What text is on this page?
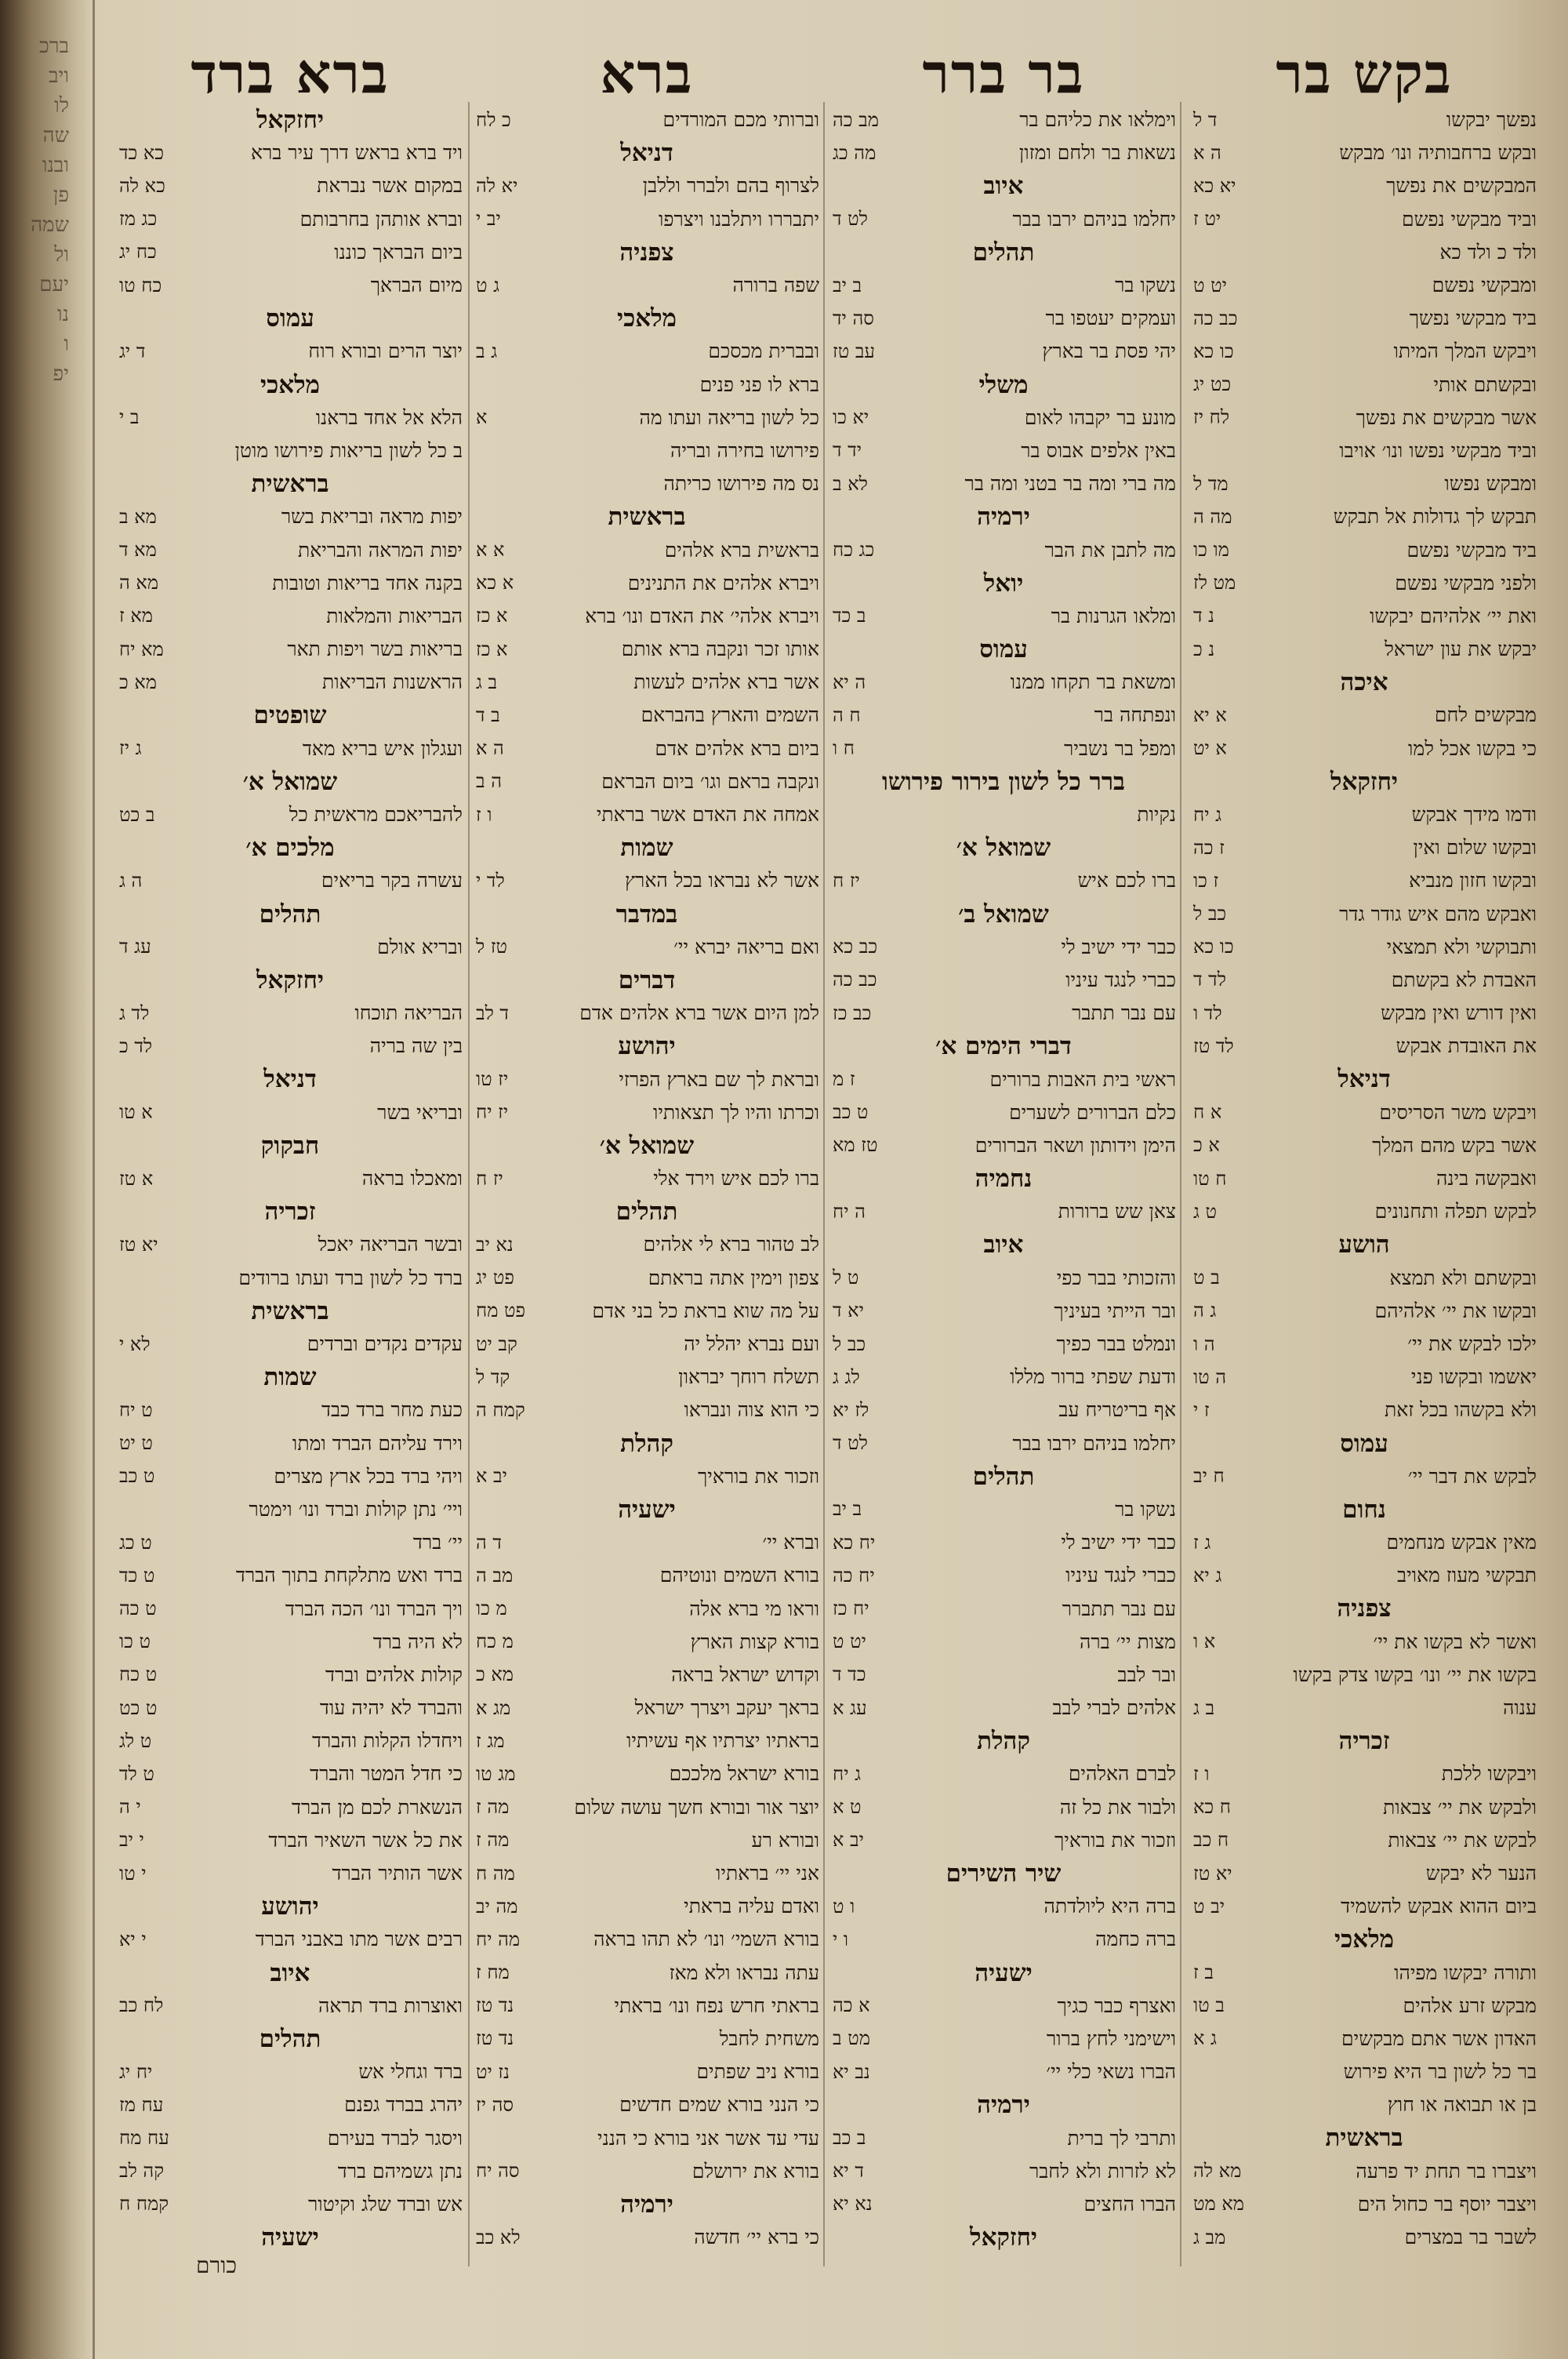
ברכ
ויב
לו
שה
ובנו
פן
שמה
ול
יעם
נו
ו
יפ
בקש בר
נפשך יבקשו
ד ל
ובקש ברחבותיה ונו׳ מבקש
ה א
המבקשים את נפשך
יא כא
וביד מבקשי נפשם
יט ז
ולד כ ולד כא
ומבקשי נפשם
יט ט
ביד מבקשי נפשך
כב כה
ויבקש המלך המיתו
כו כא
ובקשתם אותי
כט יג
אשר מבקשים את נפשך
לח יז
וביד מבקשי נפשו ונו׳ אויבו
ומבקש נפשו
מד ל
תבקש לך גדולות אל תבקש
מה ה
ביד מבקשי נפשם
מו כו
ולפני מבקשי נפשם
מט לז
ואת יי׳ אלהיהם יבקשו
נ ד
יבקש את עון ישראל
נ כ
איכה
מבקשים לחם
א יא
כי בקשו אכל למו
א יט
יחזקאל
ודמו מידך אבקש
ג יח
ובקשו שלום ואין
ז כה
ובקשו חזון מנביא
ז כו
ואבקש מהם איש גודר גדר
כב ל
ותבוקשי ולא תמצאי
כו כא
האבדת לא בקשתם
לד ד
ואין דורש ואין מבקש
לד ו
את האובדת אבקש
לד טז
דניאל
ויבקש משר הסריסים
א ח
אשר בקש מהם המלך
א כ
ואבקשה בינה
ח טו
לבקש תפלה ותחנונים
ט ג
הושע
ובקשתם ולא תמצא
ב ט
ובקשו את יי׳ אלהיהם
ג ה
ילכו לבקש את יי׳
ה ו
יאשמו ובקשו פני
ה טו
ולא בקשהו בכל זאת
ז י
עמוס
לבקש את דבר יי׳
ח יב
נחום
מאין אבקש מנחמים
ג ז
תבקשי מעוז מאויב
ג יא
צפניה
ואשר לא בקשו את יי׳
א ו
בקשו את יי׳ ונו׳ בקשו צדק בקשו
ענוה
ב ג
זכריה
ויבקשו ללכת
ו ז
ולבקש את יי׳ צבאות
ח כא
לבקש את יי׳ צבאות
ח כב
הנער לא יבקש
יא טז
ביום ההוא אבקש להשמיד
יב ט
מלאכי
ותורה יבקשו מפיהו
ב ז
מבקש זרע אלהים
ב טו
האדון אשר אתם מבקשים
ג א
בר כל לשון בר היא פירוש
בן או תבואה או חוץ
בראשית
ויצברו בר תחת יד פרעה
מא לה
ויצבר יוסף בר כחול הים
מא מט
לשבר בר במצרים
מב ג
בר ברר
וימלאו את כליהם בר
מב כה
נשאות בר ולחם ומזון
מה כג
איוב
יחלמו בניהם ירבו בבר
לט ד
תהלים
נשקו בר
ב יב
ועמקים יעטפו בר
סה יד
יהי פסת בר בארץ
עב טז
משלי
מונע בר יקבהו לאום
יא כו
באין אלפים אבוס בר
יד ד
מה ברי ומה בר בטני ומה בר
לא ב
ירמיה
מה לתבן את הבר
כג כח
יואל
ומלאו הגרנות בר
ב כד
עמוס
ומשאת בר תקחו ממנו
ה יא
ונפתחה בר
ח ה
ומפל בר נשביר
ח ו
ברר כל לשון בירור פירושו
נקיות
שמואל א׳
ברו לכם איש
יז ח
שמואל ב׳
כבר ידי ישיב לי
כב כא
כברי לנגד עיניו
כב כה
עם נבר תתבר
כב כז
דברי הימים א׳
ראשי בית האבות ברורים
ז מ
כלם הברורים לשערים
ט כב
הימן וידותון ושאר הברורים
טז מא
נחמיה
צאן שש ברורות
ה יח
איוב
והזכותי בבר כפי
ט ל
ובר הייתי בעיניך
יא ד
ונמלט בבר כפיך
כב ל
ודעת שפתי ברור מללו
לג ג
אף בריטריח עב
לז יא
יחלמו בניהם ירבו בבר
לט ד
תהלים
נשקו בר
ב יב
כבר ידי ישיב לי
יח כא
כברי לנגד עיניו
יח כה
עם נבר תתברר
יח כז
מצות יי׳ ברה
יט ט
ובר לבב
כד ד
אלהים לברי לבב
עג א
קהלת
לברם האלהים
ג יח
ולבור את כל זה
ט א
וזכור את בוראיך
יב א
שיר השירים
ברה היא ליולדתה
ו ט
ברה כחמה
ו י
ישעיה
ואצרף כבר כגיך
א כה
וישימני לחץ ברור
מט ב
הברו נשאי כלי יי׳
נב יא
ירמיה
ותרבי לך ברית
ב כב
לא לזרות ולא לחבר
ד יא
הברו החצים
נא יא
יחזקאל
ברא
וברותי מכם המורדים
כ לח
דניאל
לצרוף בהם ולברר וללבן
יא לה
יתבררו ויתלבנו ויצרפו
יב י
צפניה
שפה ברורה
ג ט
מלאכי
ובברית מכסכם
ג ב
ברא לו פני פנים
כל לשון בריאה ועתו מה
א
פירושו בחירה ובריה
נס מה פירושו כריתה
בראשית
בראשית ברא אלהים
א א
ויברא אלהים את התנינים
א כא
ויברא אלהי׳ את האדם ונו׳ ברא
א כז
אותו זכר ונקבה ברא אותם
א כז
אשר ברא אלהים לעשות
ב ג
השמים והארץ בהבראם
ב ד
ביום ברא אלהים אדם
ה א
ונקבה בראם וגו׳ ביום הבראם
ה ב
אמחה את האדם אשר בראתי
ו ז
שמות
אשר לא נבראו בכל הארץ
לד י
במדבר
ואם בריאה יברא יי׳
טז ל
דברים
למן היום אשר ברא אלהים אדם
ד לב
יהושע
ובראת לך שם בארץ הפרזי
יז טו
וכרתו והיו לך תצאותיו
יז יח
שמואל א׳
ברו לכם איש וירד אלי
יז ח
תהלים
לב טהור ברא לי אלהים
נא יב
צפון וימין אתה בראתם
פט יג
על מה שוא בראת כל בני אדם
פט מח
ועם נברא יהלל יה
קב יט
תשלח רוחך יבראון
קד ל
כי הוא צוה ונבראו
קמח ה
קהלת
וזכור את בוראיך
יב א
ישעיה
וברא יי׳
ד ה
בורא השמים ונוטיהם
מב ה
וראו מי ברא אלה
מ כו
בורא קצות הארץ
מ כח
וקדוש ישראל בראה
מא כ
בראך יעקב ויצרך ישראל
מג א
בראתיו יצרתיו אף עשיתיו
מג ז
בורא ישראל מלככם
מג טו
יוצר אור ובורא חשך עושה שלום
מה ז
ובורא רע
מה ז
אני יי׳ בראתיו
מה ח
ואדם עליה בראתי
מה יב
בורא השמי׳ ונו׳ לא תהו בראה
מה יח
עתה נבראו ולא מאז
מח ז
בראתי חרש נפח ונו׳ בראתי
נד טז
משחית לחבל
נד טז
בורא ניב שפתים
נז יט
כי הנני בורא שמים חדשים
סה יז
עדי עד אשר אני בורא כי הנני
בורא את ירושלם
סה יח
ירמיה
כי ברא יי׳ חדשה
לא כב
ברא ברד
יחזקאל
ויד ברא בראש דרך עיר ברא
כא כד
במקום אשר נבראת
כא לה
וברא אותהן בחרבותם
כג מז
ביום הבראך כוננו
כח יג
מיום הבראך
כח טו
עמוס
יוצר הרים ובורא רוח
ד יג
מלאכי
הלא אל אחד בראנו
ב י
ב כל לשון בריאות פירושו מוטן
בראשית
יפות מראה ובריאת בשר
מא ב
יפות המראה והבריאת
מא ד
בקנה אחד בריאות וטובות
מא ה
הבריאות והמלאות
מא ז
בריאות בשר ויפות תאר
מא יח
הראשנות הבריאות
מא כ
שופטים
ועגלון איש בריא מאד
ג יז
שמואל א׳
להבריאכם מראשית כל
ב כט
מלכים א׳
עשרה בקר בריאים
ה ג
תהלים
ובריא אולם
עג ד
יחזקאל
הבריאה תוכחו
לד ג
בין שה בריה
לד כ
דניאל
ובריאי בשר
א טו
חבקוק
ומאכלו בראה
א טז
זכריה
ובשר הבריאה יאכל
יא טז
ברד כל לשון ברד ועתו ברודים
בראשית
עקדים נקדים וברדים
לא י
שמות
כעת מחר ברד כבד
ט יח
וירד עליהם הברד ומתו
ט יט
ויהי ברד בכל ארץ מצרים
ט כב
ויי׳ נתן קולות וברד ונו׳ וימטר
יי׳ ברד
ט כג
ברד ואש מתלקחת בתוך הברד
ט כד
ויך הברד ונו׳ הכה הברד
ט כה
לא היה ברד
ט כו
קולות אלהים וברד
ט כח
והברד לא יהיה עוד
ט כט
ויחדלו הקלות והברד
ט לג
כי חדל המטר והברד
ט לד
הנשארת לכם מן הברד
י ה
את כל אשר השאיר הברד
י יב
אשר הותיר הברד
י טו
יהושע
רבים אשר מתו באבני הברד
י יא
איוב
ואוצרות ברד תראה
לח כב
תהלים
ברד וגחלי אש
יח יג
יהרג בברד גפנם
עח מז
ויסגר לברד בעירם
עח מח
נתן גשמיהם ברד
קה לב
אש וברד שלג וקיטור
קמח ח
ישעיה
כורם
